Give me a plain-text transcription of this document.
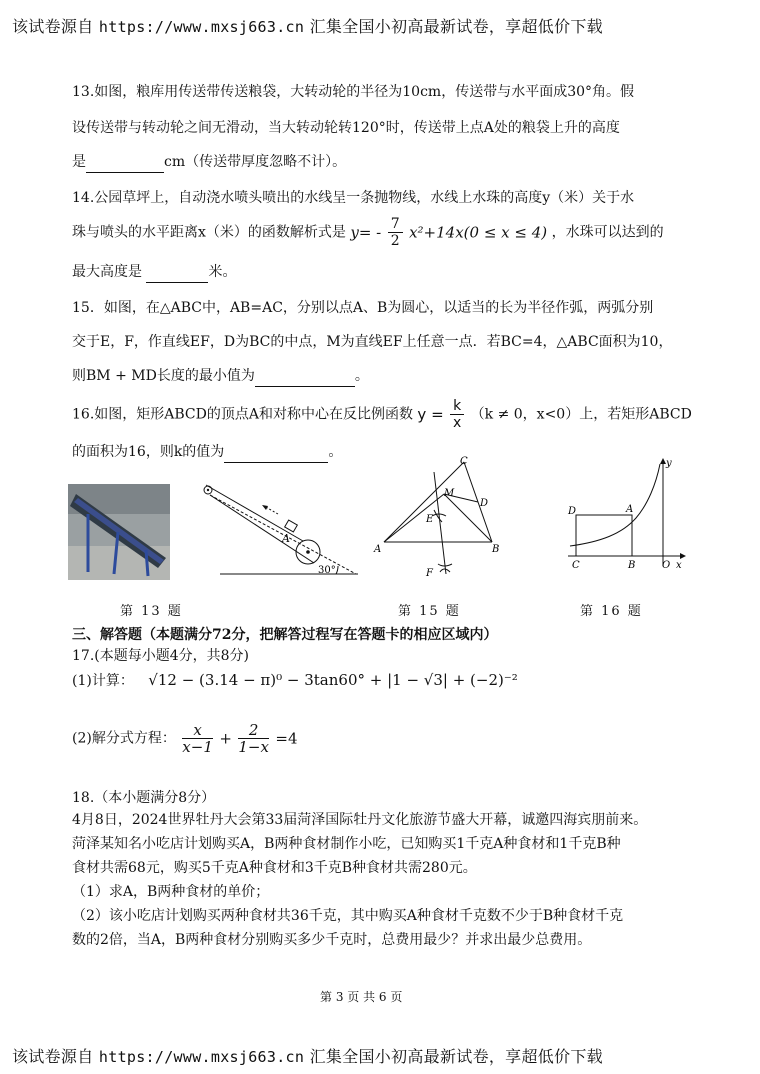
该试卷源自 https://www.mxsj663.cn 汇集全国小初高最新试卷，享超低价下载
13.如图，粮库用传送带传送粮袋，大转动轮的半径为10cm，传送带与水平面成30°角。假
设传送带与转动轮之间无滑动，当大转动轮转120°时，传送带上点A处的粮袋上升的高度
是	cm（传送带厚度忽略不计）。
14.公园草坪上，自动浇水喷头喷出的水线呈一条抛物线，水线上水珠的高度y（米）关于水
珠与喷头的水平距离x（米）的函数解析式是 $y= - \frac{7}{2} x^2+14x(0 \le x \le 4)$ ，水珠可以达到的
最大高度是	米。
15．如图，在△ABC中，AB=AC，分别以点A、B为圆心，以适当的长为半径作弧，两弧分别
交于E，F，作直线EF，D为BC的中点，M为直线EF上任意一点．若BC=4，△ABC面积为10，
则BM + MD长度的最小值为	。
16.如图，矩形ABCD的顶点A和对称中心在反比例函数 $y = \frac{k}{x} (k \ne 0$，x<0）上，若矩形ABCD
的面积为16，则k的值为	。
A
30°
C
M
D
E
A	B
F
y
D	A
C	B	O x
第 13 题	第 15 题	第 16 题
三、解答题（本题满分72分，把解答过程写在答题卡的相应区域内）
17.(本题每小题4分，共8分)
(1)计算： √12 − (3.14 − π)⁰ − 3tan60° + |1 − √3| + (−2)⁻²
(2)解分式方程： $\frac{x}{x-1} + \frac{2}{1-x} =4$
18.（本小题满分8分）
4月8日，2024世界牡丹大会第33届菏泽国际牡丹文化旅游节盛大开幕，诚邀四海宾朋前来。
菏泽某知名小吃店计划购买A，B两种食材制作小吃，已知购买1千克A种食材和1千克B种
食材共需68元，购买5千克A种食材和3千克B种食材共需280元。
（1）求A，B两种食材的单价；
（2）该小吃店计划购买两种食材共36千克，其中购买A种食材千克数不少于B种食材千克
数的2倍，当A，B两种食材分别购买多少千克时，总费用最少？并求出最少总费用。
第 3 页 共 6 页
该试卷源自 https://www.mxsj663.cn 汇集全国小初高最新试卷，享超低价下载
